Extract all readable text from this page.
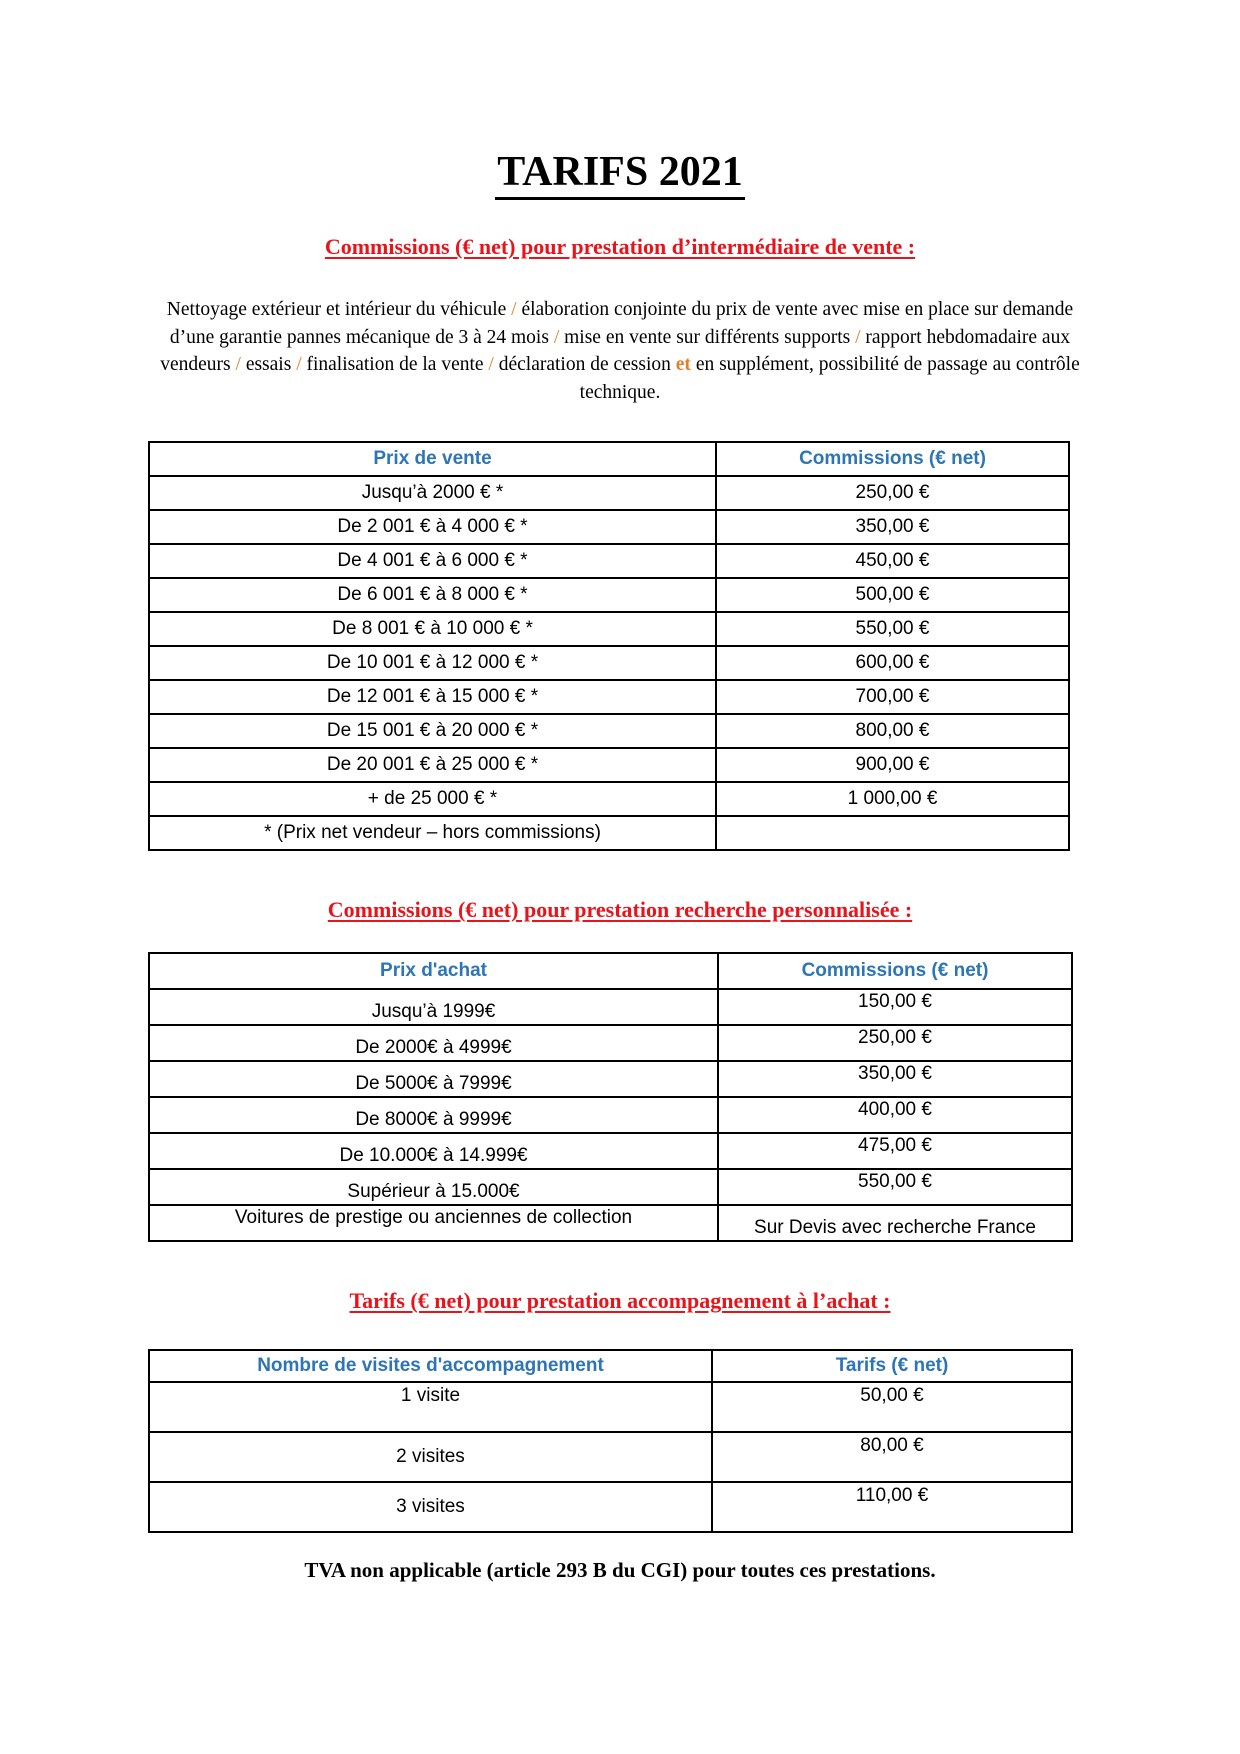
TARIFS 2021
Commissions (€ net) pour prestation d’intermédiaire de vente :
Nettoyage extérieur et intérieur du véhicule / élaboration conjointe du prix de vente avec mise en place sur demande d’une garantie pannes mécanique de 3 à 24 mois / mise en vente sur différents supports / rapport hebdomadaire aux vendeurs / essais / finalisation de la vente / déclaration de cession et en supplément, possibilité de passage au contrôle technique.
Prix de vente	Commissions (€ net)
Jusqu’à 2000 € *	250,00 €
De 2 001 € à 4 000 € *	350,00 €
De 4 001 € à 6 000 € *	450,00 €
De 6 001 € à 8 000 € *	500,00 €
De 8 001 € à 10 000 € *	550,00 €
De 10 001 € à 12 000 € *	600,00 €
De 12 001 € à 15 000 € *	700,00 €
De 15 001 € à 20 000 € *	800,00 €
De 20 001 € à 25 000 € *	900,00 €
+ de 25 000 € *	1 000,00 €
* (Prix net vendeur – hors commissions)	
Commissions (€ net) pour prestation recherche personnalisée :
Prix d'achat	Commissions (€ net)
Jusqu’à 1999€	150,00 €
De 2000€ à 4999€	250,00 €
De 5000€ à 7999€	350,00 €
De 8000€ à 9999€	400,00 €
De 10.000€ à 14.999€	475,00 €
Supérieur à 15.000€	550,00 €
Voitures de prestige ou anciennes de collection	Sur Devis avec recherche France
Tarifs (€ net) pour prestation accompagnement à l’achat :
Nombre de visites d'accompagnement	Tarifs (€ net)
1 visite	50,00 €
2 visites	80,00 €
3 visites	110,00 €
TVA non applicable (article 293 B du CGI) pour toutes ces prestations.
